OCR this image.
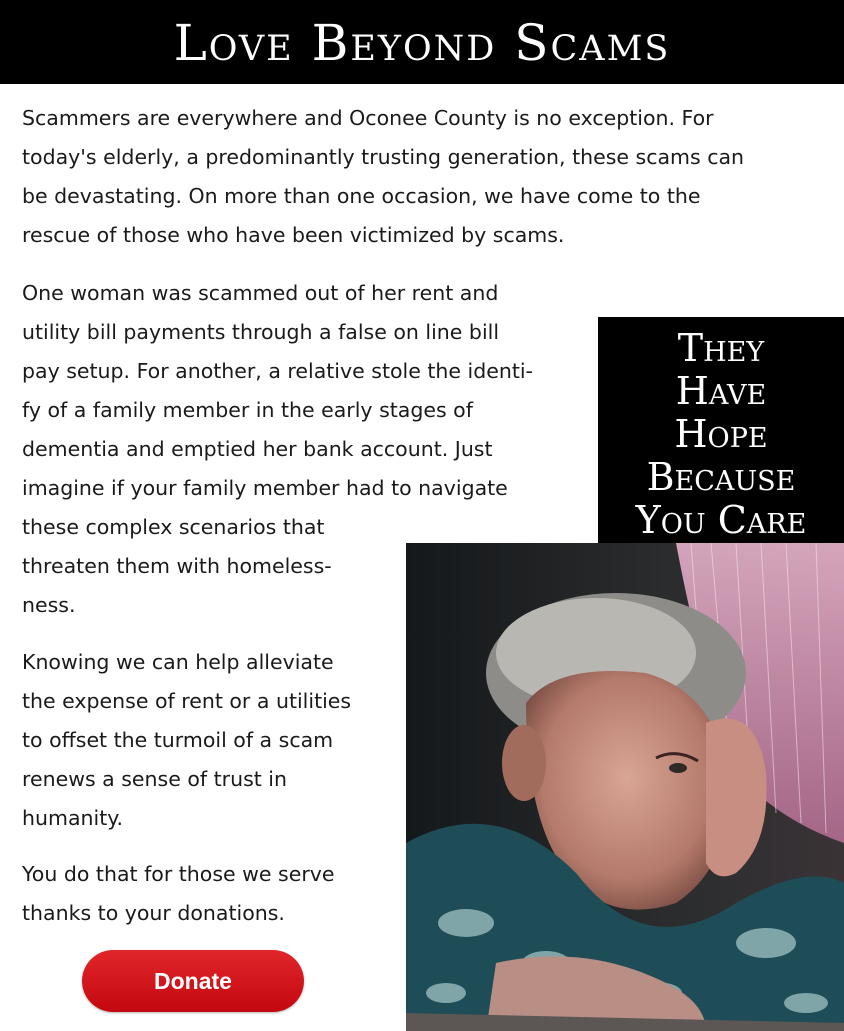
Love Beyond Scams
Scammers are everywhere and Oconee County is no exception. For
today's elderly, a predominantly trusting generation, these scams can
be devastating. On more than one occasion, we have come to the
rescue of those who have been victimized by scams.
One woman was scammed out of her rent and
utility bill payments through a false on line bill
pay setup. For another, a relative stole the identi-
fy of a family member in the early stages of
dementia and emptied her bank account. Just
imagine if your family member had to navigate
these complex scenarios that
threaten them with homeless-
ness.
Knowing we can help alleviate
the expense of rent or a utilities
to offset the turmoil of a scam
renews a sense of trust in
humanity.
You do that for those we serve
thanks to your donations.
They
Have
Hope
Because
You Care
Donate
